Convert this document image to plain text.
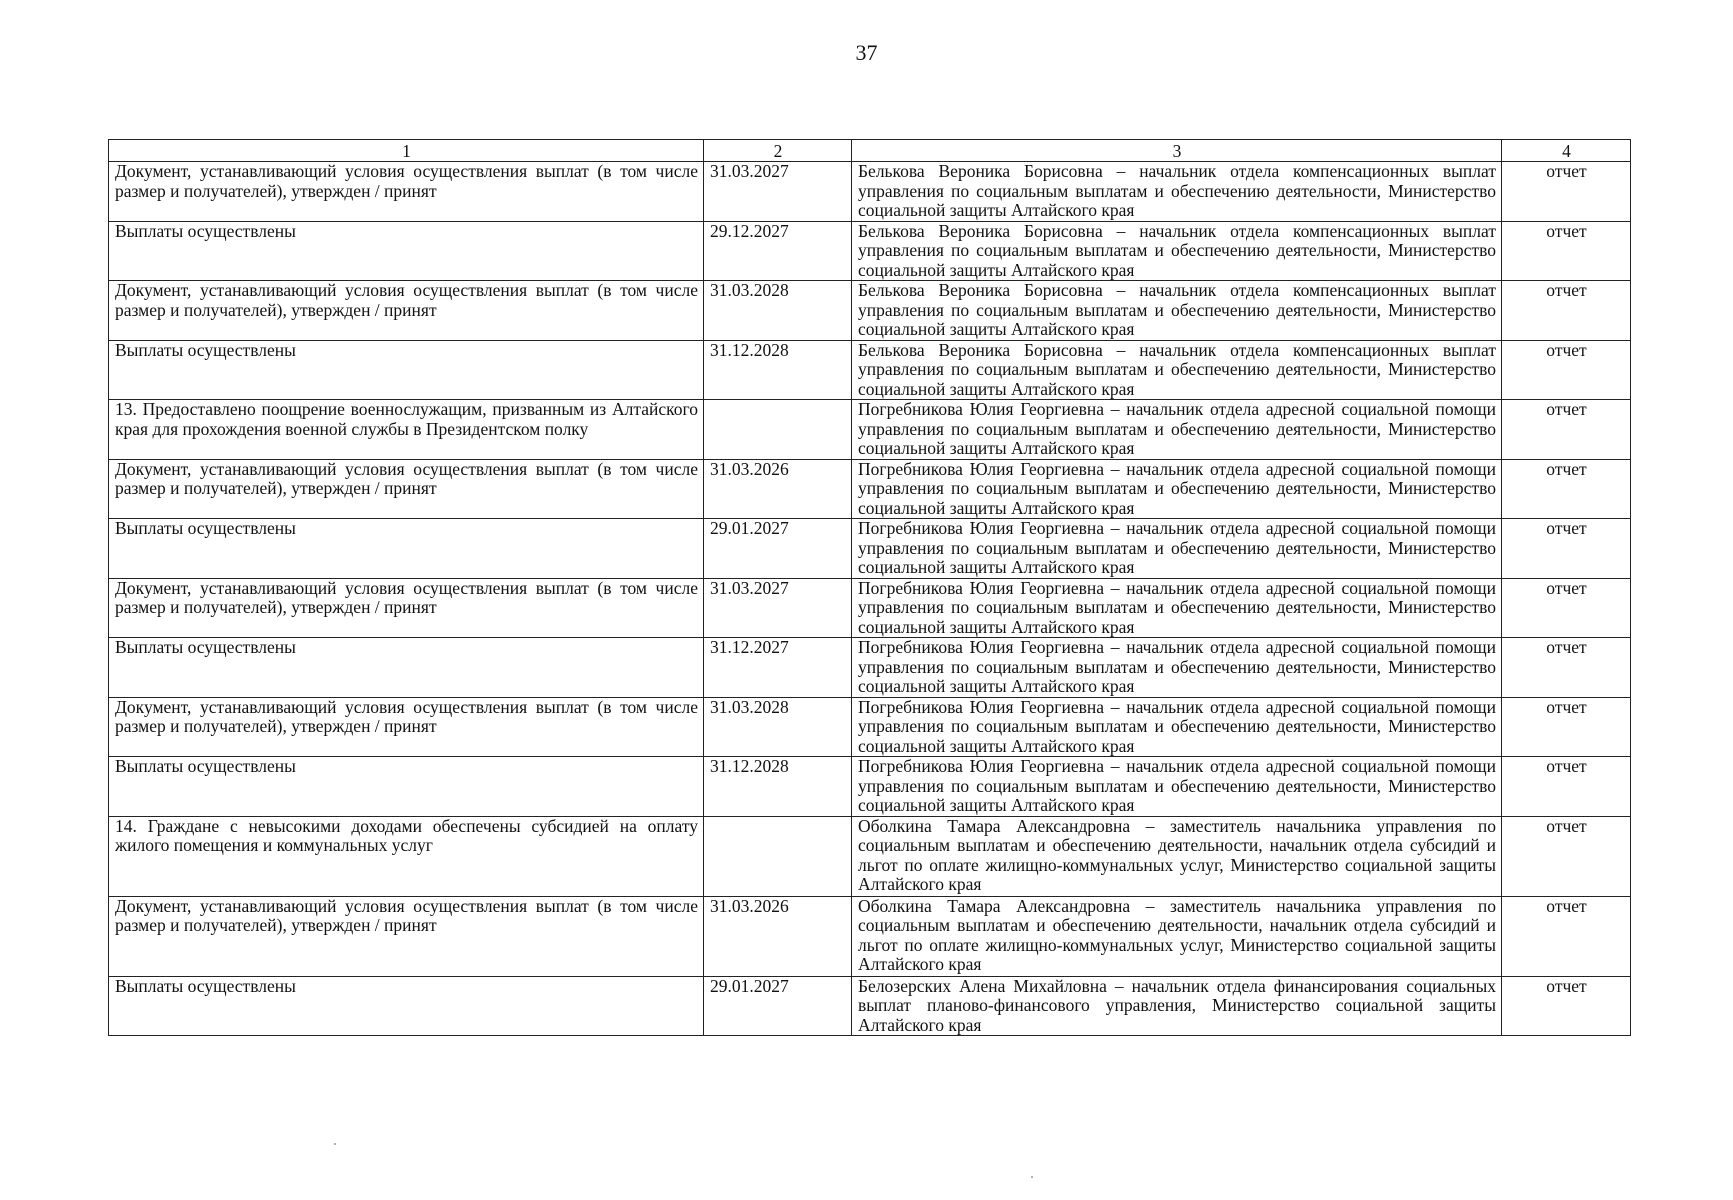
37
1	2	3	4
Документ, устанавливающий условия осуществления выплат (в том числе размер и получателей), утвержден / принят	31.03.2027	Белькова Вероника Борисовна – начальник отдела компенсационных выплат управления по социальным выплатам и обеспечению деятельности, Министерство социальной защиты Алтайского края	отчет
Выплаты осуществлены	29.12.2027	Белькова Вероника Борисовна – начальник отдела компенсационных выплат управления по социальным выплатам и обеспечению деятельности, Министерство социальной защиты Алтайского края	отчет
Документ, устанавливающий условия осуществления выплат (в том числе размер и получателей), утвержден / принят	31.03.2028	Белькова Вероника Борисовна – начальник отдела компенсационных выплат управления по социальным выплатам и обеспечению деятельности, Министерство социальной защиты Алтайского края	отчет
Выплаты осуществлены	31.12.2028	Белькова Вероника Борисовна – начальник отдела компенсационных выплат управления по социальным выплатам и обеспечению деятельности, Министерство социальной защиты Алтайского края	отчет
13. Предоставлено поощрение военнослужащим, призванным из Алтайского края для прохождения военной службы в Президентском полку		Погребникова Юлия Георгиевна – начальник отдела адресной социальной помощи управления по социальным выплатам и обеспечению деятельности, Министерство социальной защиты Алтайского края	отчет
Документ, устанавливающий условия осуществления выплат (в том числе размер и получателей), утвержден / принят	31.03.2026	Погребникова Юлия Георгиевна – начальник отдела адресной социальной помощи управления по социальным выплатам и обеспечению деятельности, Министерство социальной защиты Алтайского края	отчет
Выплаты осуществлены	29.01.2027	Погребникова Юлия Георгиевна – начальник отдела адресной социальной помощи управления по социальным выплатам и обеспечению деятельности, Министерство социальной защиты Алтайского края	отчет
Документ, устанавливающий условия осуществления выплат (в том числе размер и получателей), утвержден / принят	31.03.2027	Погребникова Юлия Георгиевна – начальник отдела адресной социальной помощи управления по социальным выплатам и обеспечению деятельности, Министерство социальной защиты Алтайского края	отчет
Выплаты осуществлены	31.12.2027	Погребникова Юлия Георгиевна – начальник отдела адресной социальной помощи управления по социальным выплатам и обеспечению деятельности, Министерство социальной защиты Алтайского края	отчет
Документ, устанавливающий условия осуществления выплат (в том числе размер и получателей), утвержден / принят	31.03.2028	Погребникова Юлия Георгиевна – начальник отдела адресной социальной помощи управления по социальным выплатам и обеспечению деятельности, Министерство социальной защиты Алтайского края	отчет
Выплаты осуществлены	31.12.2028	Погребникова Юлия Георгиевна – начальник отдела адресной социальной помощи управления по социальным выплатам и обеспечению деятельности, Министерство социальной защиты Алтайского края	отчет
14. Граждане с невысокими доходами обеспечены субсидией на оплату жилого помещения и коммунальных услуг		Оболкина Тамара Александровна – заместитель начальника управления по социальным выплатам и обеспечению деятельности, начальник отдела субсидий и льгот по оплате жилищно-коммунальных услуг, Министерство социальной защиты Алтайского края	отчет
Документ, устанавливающий условия осуществления выплат (в том числе размер и получателей), утвержден / принят	31.03.2026	Оболкина Тамара Александровна – заместитель начальника управления по социальным выплатам и обеспечению деятельности, начальник отдела субсидий и льгот по оплате жилищно-коммунальных услуг, Министерство социальной защиты Алтайского края	отчет
Выплаты осуществлены	29.01.2027	Белозерских Алена Михайловна – начальник отдела финансирования социальных выплат планово-финансового управления, Министерство социальной защиты Алтайского края	отчет
